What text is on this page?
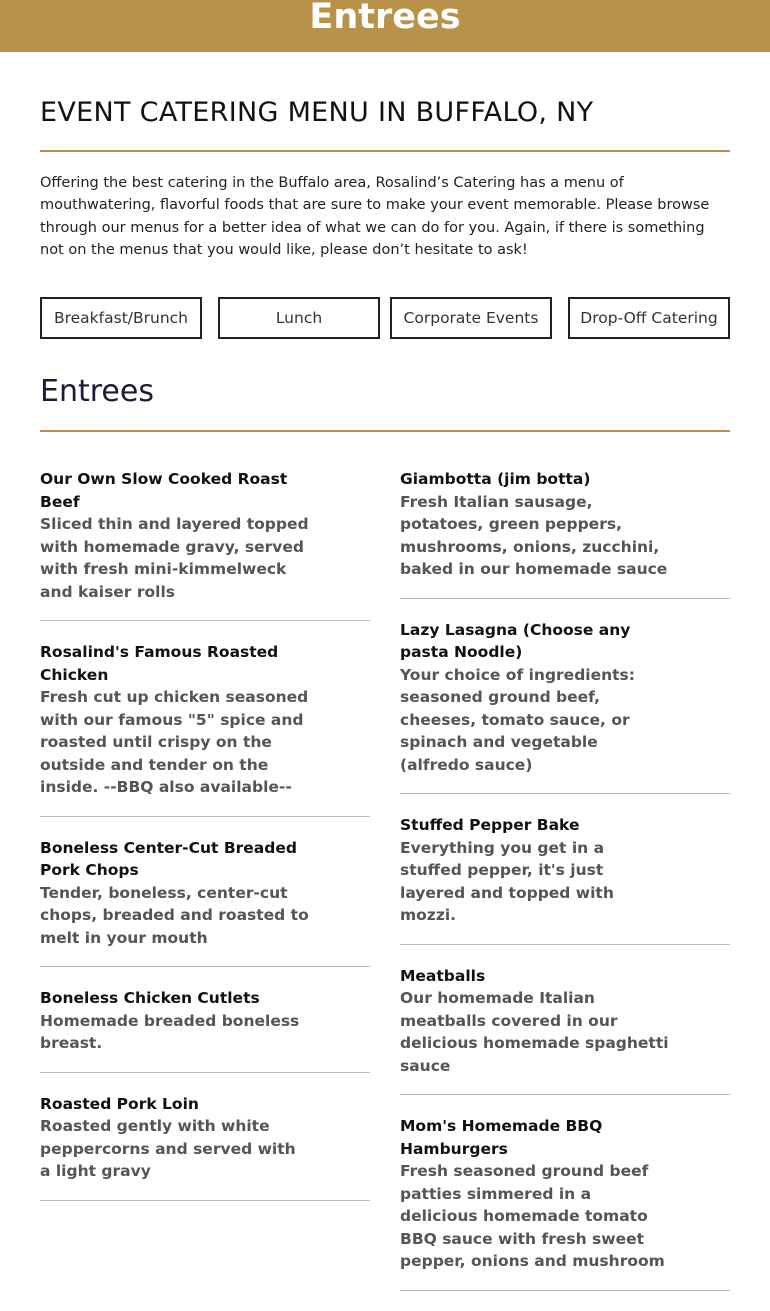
Entrees
EVENT CATERING MENU IN BUFFALO, NY

Offering the best catering in the Buffalo area, Rosalind’s Catering has a menu of mouthwatering, flavorful foods that are sure to make your event memorable. Please browse through our menus for a better idea of what we can do for you. Again, if there is something not on the menus that you would like, please don’t hesitate to ask!

Breakfast/Brunch	Lunch	Corporate Events	Drop-Off Catering
Entrees
Our Own Slow Cooked Roast Beef
Sliced thin and layered topped with homemade gravy, served with fresh mini-kimmelweck and kaiser rolls
Rosalind's Famous Roasted Chicken
Fresh cut up chicken seasoned with our famous "5" spice and roasted until crispy on the outside and tender on the inside. --BBQ also available--
Boneless Center-Cut Breaded Pork Chops
Tender, boneless, center-cut chops, breaded and roasted to melt in your mouth
Boneless Chicken Cutlets
Homemade breaded boneless breast.
Roasted Pork Loin
Roasted gently with white peppercorns and served with a light gravy
Giambotta (jim botta)
Fresh Italian sausage, potatoes, green peppers, mushrooms, onions, zucchini, baked in our homemade sauce
Lazy Lasagna (Choose any pasta Noodle)
Your choice of ingredients: seasoned ground beef, cheeses, tomato sauce, or spinach and vegetable (alfredo sauce)
Stuffed Pepper Bake
Everything you get in a stuffed pepper, it's just layered and topped with mozzi.
Meatballs
Our homemade Italian meatballs covered in our delicious homemade spaghetti sauce
Mom's Homemade BBQ Hamburgers
Fresh seasoned ground beef patties simmered in a delicious homemade tomato BBQ sauce with fresh sweet pepper, onions and mushroom
